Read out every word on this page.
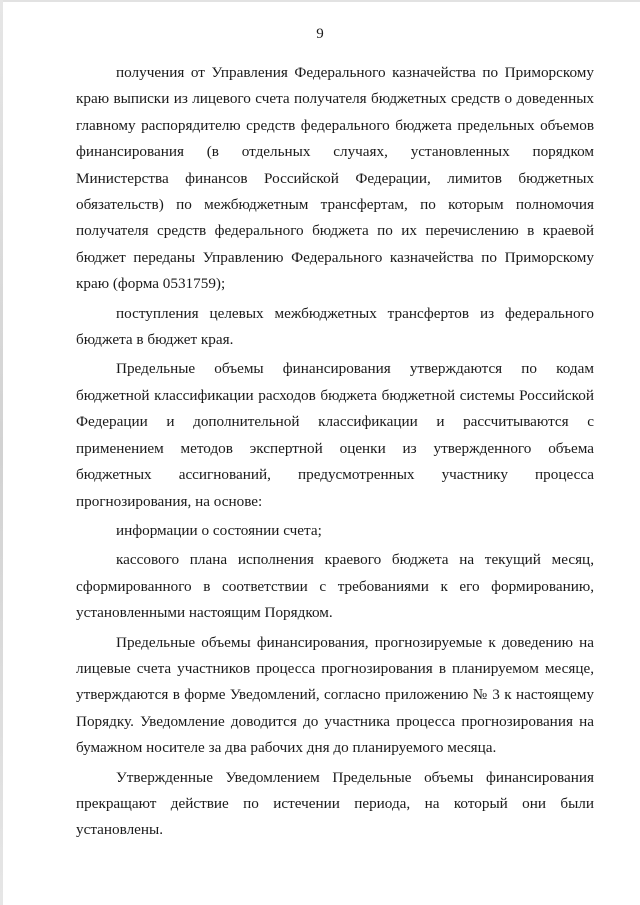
9

получения от Управления Федерального казначейства по Приморскому краю выписки из лицевого счета получателя бюджетных средств о доведенных главному распорядителю средств федерального бюджета предельных объемов финансирования (в отдельных случаях, установленных порядком Министерства финансов Российской Федерации, лимитов бюджетных обязательств) по межбюджетным трансфертам, по которым полномочия получателя средств федерального бюджета по их перечислению в краевой бюджет переданы Управлению Федерального казначейства по Приморскому краю (форма 0531759);

поступления целевых межбюджетных трансфертов из федерального бюджета в бюджет края.

Предельные объемы финансирования утверждаются по кодам бюджетной классификации расходов бюджета бюджетной системы Российской Федерации и дополнительной классификации и рассчитываются с применением методов экспертной оценки из утвержденного объема бюджетных ассигнований, предусмотренных участнику процесса прогнозирования, на основе:

информации о состоянии счета;

кассового плана исполнения краевого бюджета на текущий месяц, сформированного в соответствии с требованиями к его формированию, установленными настоящим Порядком.

Предельные объемы финансирования, прогнозируемые к доведению на лицевые счета участников процесса прогнозирования в планируемом месяце, утверждаются в форме Уведомлений, согласно приложению № 3 к настоящему Порядку. Уведомление доводится до участника процесса прогнозирования на бумажном носителе за два рабочих дня до планируемого месяца.

Утвержденные Уведомлением Предельные объемы финансирования прекращают действие по истечении периода, на который они были установлены.
